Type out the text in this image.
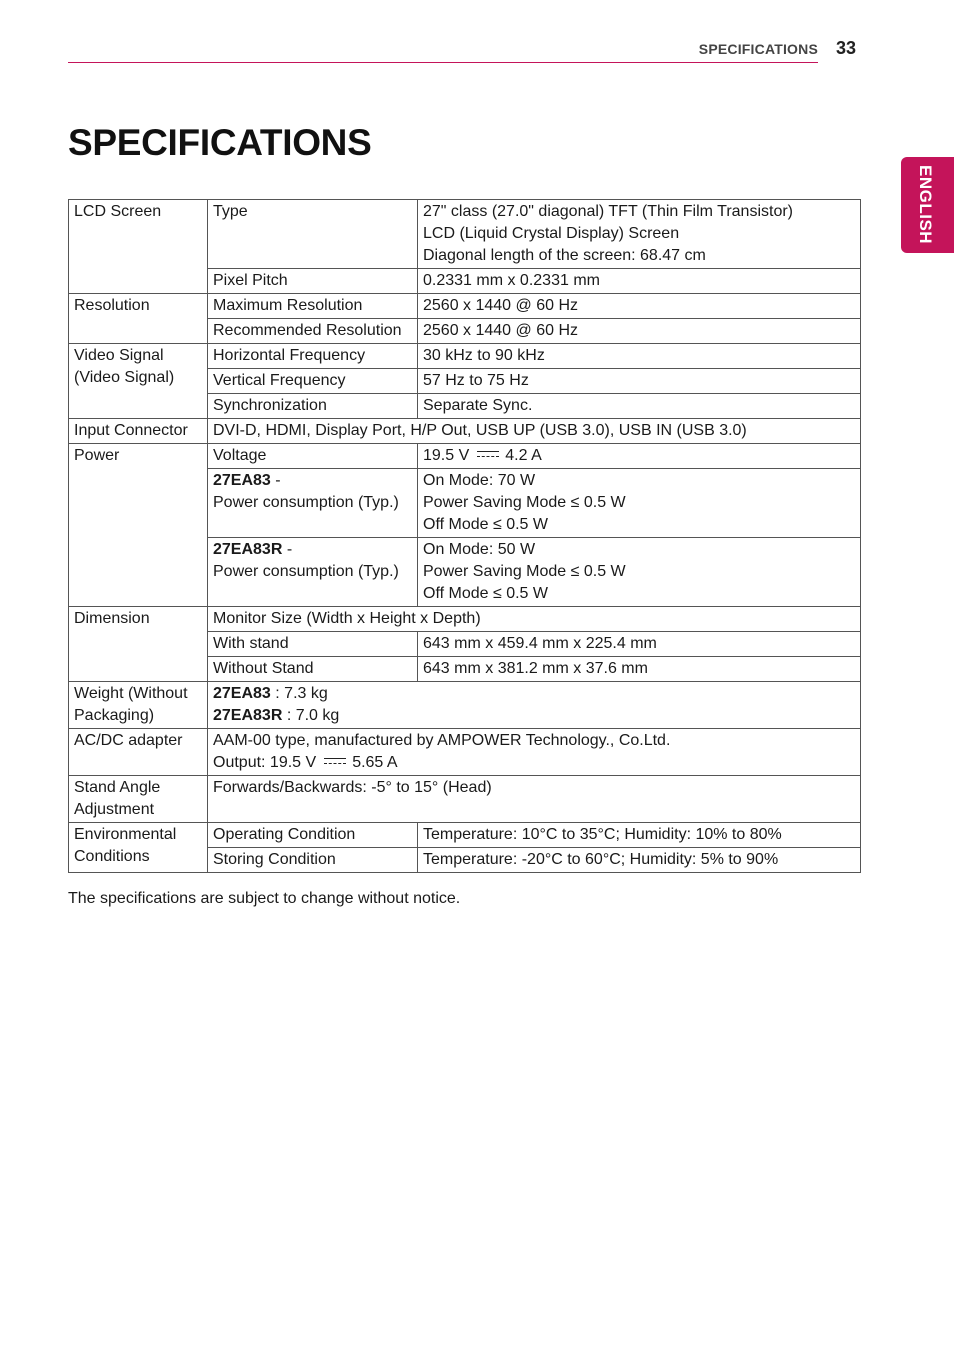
SPECIFICATIONS 33
ENGLISH
SPECIFICATIONS
LCD Screen	Type	27" class (27.0" diagonal) TFT (Thin Film Transistor)
LCD (Liquid Crystal Display) Screen
Diagonal length of the screen: 68.47 cm

	Pixel Pitch	0.2331 mm x 0.2331 mm
Resolution	Maximum Resolution	2560 x 1440 @ 60 Hz
	Recommended Resolution	2560 x 1440 @ 60 Hz

Video Signal
(Video Signal)	Horizontal Frequency	30 kHz to 90 kHz
	Vertical Frequency	57 Hz to 75 Hz
	Synchronization	Separate Sync.
Input Connector	DVI-D, HDMI, Display Port, H/P Out, USB UP (USB 3.0), USB IN (USB 3.0)	
Power	Voltage	19.5 V 4.2 A

	27EA83 -
Power consumption (Typ.)	On Mode: 70 W
Power Saving Mode ≤ 0.5 W
Off Mode ≤ 0.5 W

	27EA83R -
Power consumption (Typ.)	On Mode: 50 W
Power Saving Mode ≤ 0.5 W
Off Mode ≤ 0.5 W

Dimension	Monitor Size (Width x Height x Depth)	
	With stand	643 mm x 459.4 mm x 225.4 mm
	Without Stand	643 mm x 381.2 mm x 37.6 mm

Weight (Without
Packaging)	27EA83 : 7.3 kg
27EA83R : 7.0 kg	

AC/DC adapter	AAM-00 type, manufactured by AMPOWER Technology., Co.Ltd.
Output: 19.5 V 5.65 A	

Stand Angle
Adjustment	Forwards/Backwards: -5° to 15° (Head)	

Environmental
Conditions	Operating Condition	Temperature: 10°C to 35°C; Humidity: 10% to 80%
	Storing Condition	Temperature: -20°C to 60°C; Humidity: 5% to 90%

The specifications are subject to change without notice.
